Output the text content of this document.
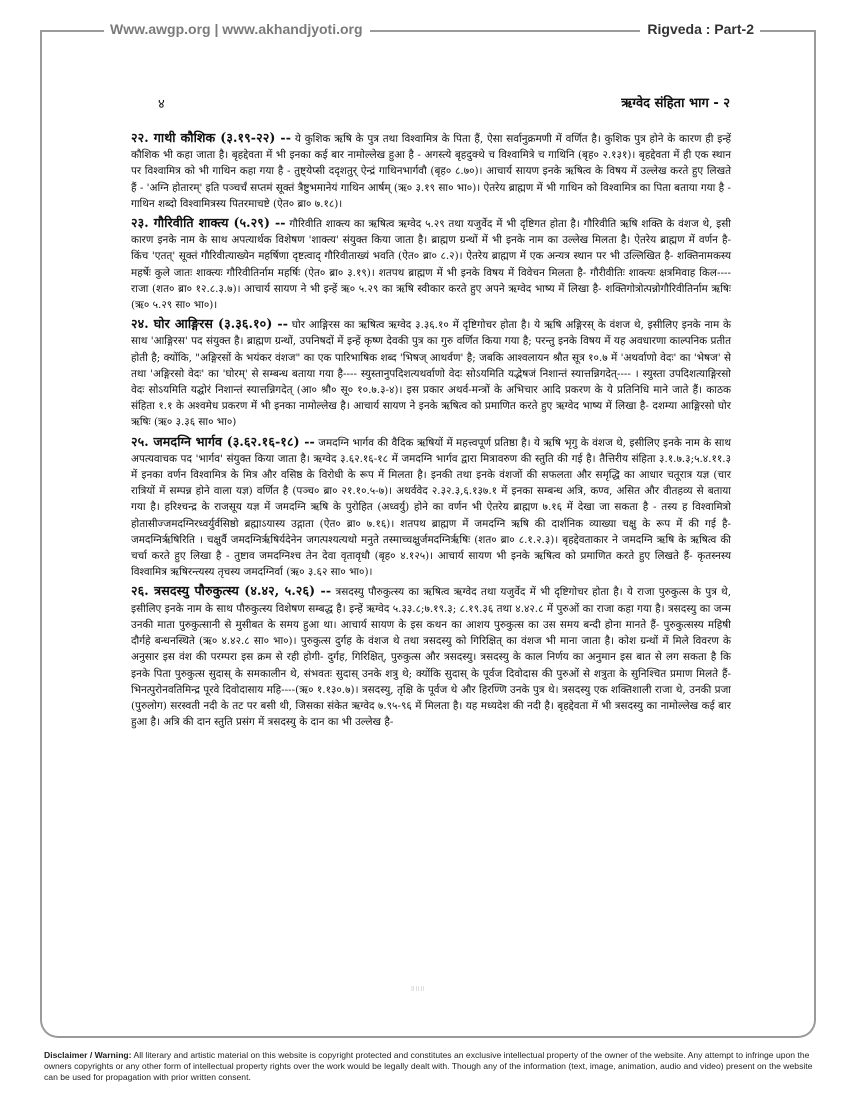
Www.awgp.org | www.akhandjyoti.org	Rigveda : Part-2
४	ऋग्वेद संहिता भाग - २

२२. गाथी कौशिक (३.१९-२२) -- ये कुशिक ऋषि के पुत्र तथा विश्वामित्र के पिता हैं, ऐसा सर्वानुक्रमणी में वर्णित है। कुशिक पुत्र होने के कारण ही इन्हें कौशिक भी कहा जाता है। बृहद्देवता में भी इनका कई बार नामोल्लेख हुआ है - अगस्त्ये बृहदुक्थे च विश्वामित्रे च गाथिनि (बृह० २.१३१)। बृहद्देवता में ही एक स्थान पर विश्वामित्र को भी गाथिन कहा गया है - तुष्ट्येप्सी ददृशतुर् ऐन्द्रं गाथिनभार्गवौ (बृह० ८.७०)। आचार्य सायण इनके ऋषित्व के विषय में उल्लेख करते हुए लिखते हैं - 'अग्नि होतारम्' इति पञ्चर्चं सप्तमं सूक्तं त्रैष्टुभमानेयं गाथिन आर्षम् (ऋ० ३.१९ सा० भा०)। ऐतरेय ब्राह्मण में भी गाथिन को विश्वामित्र का पिता बताया गया है - गाथिन शब्दो विश्वामित्रस्य पितरमाचष्टे (ऐत० ब्रा० ७.१८)।

२३. गौरिवीति शाक्त्य (५.२९) -- गौरिवीति शाक्त्य का ऋषित्व ऋग्वेद ५.२९ तथा यजुर्वेद में भी दृष्टिगत होता है। गौरिवीति ऋषि शक्ति के वंशज थे, इसी कारण इनके नाम के साथ अपत्यार्थक विशेषण 'शाक्त्य' संयुक्त किया जाता है। ब्राह्मण ग्रन्थों में भी इनके नाम का उल्लेख मिलता है। ऐतरेय ब्राह्मण में वर्णन है- किंच 'एतत्' सूक्तं गौरिवीत्याख्येन महर्षिणा दृष्टत्वाद् गौरिवीताख्यं भवति (ऐत० ब्रा० ८.२)। ऐतरेय ब्राह्मण में एक अन्यत्र स्थान पर भी उल्लिखित है- शक्तिनामकस्य महर्षेः कुले जातः शाक्त्यः गौरिवीतिर्नाम महर्षिः (ऐत० ब्रा० ३.१९)। शतपथ ब्राह्मण में भी इनके विषय में विवेचन मिलता है- गौरीवीतिः शाक्त्यः क्षत्रमिवाह किल----राजा (शत० ब्रा० १२.८.३.७)। आचार्य सायण ने भी इन्हें ऋ० ५.२९ का ऋषि स्वीकार करते हुए अपने ऋग्वेद भाष्य में लिखा है- शक्तिगोत्रोत्पन्नोगौरिवीतिर्नाम ऋषिः (ऋ० ५.२९ सा० भा०)।

२४. घोर आङ्गिरस (३.३६.१०) -- घोर आङ्गिरस का ऋषित्व ऋग्वेद ३.३६.१० में दृष्टिगोचर होता है। ये ऋषि अङ्गिरस् के वंशज थे, इसीलिए इनके नाम के साथ 'आङ्गिरस' पद संयुक्त है। ब्राह्मण ग्रन्थों, उपनिषदों में इन्हें कृष्ण देवकी पुत्र का गुरु वर्णित किया गया है; परन्तु इनके विषय में यह अवधारणा काल्पनिक प्रतीत होती है; क्योंकि, "अङ्गिरसों के भयंकर वंशज" का एक पारिभाषिक शब्द 'भिषज् आथर्वण' है; जबकि आश्वलायन श्रौत सूत्र १०.७ में 'अथर्वाणो वेदः' का 'भेषज' से तथा 'अङ्गिरसो वेदः' का 'घोरम्' से सम्बन्ध बताया गया है---- स्युस्तानुपदिशत्यथर्वाणो वेदः सोऽयमिति यद्भेषजं निशान्तं स्यात्तन्निगदेत्---- । स्युस्ता उपदिशत्याङ्गिरसो वेदः सोऽयमिति यद्घोरं निशान्तं स्यात्तन्निगदेत् (आ० श्रौ० सू० १०.७.३-४)। इस प्रकार अथर्व-मन्त्रों के अभिचार आदि प्रकरण के ये प्रतिनिधि माने जाते हैं। काठक संहिता १.१ के अश्वमेध प्रकरण में भी इनका नामोल्लेख है। आचार्य सायण ने इनके ऋषित्व को प्रमाणित करते हुए ऋग्वेद भाष्य में लिखा है- दशम्या आङ्गिरसो घोर ऋषिः (ऋ० ३.३६ सा० भा०)

२५. जमदग्नि भार्गव (३.६२.१६-१८) -- जमदग्नि भार्गव की वैदिक ऋषियों में महत्त्वपूर्ण प्रतिष्ठा है। ये ऋषि भृगु के वंशज थे, इसीलिए इनके नाम के साथ अपत्यवाचक पद 'भार्गव' संयुक्त किया जाता है। ऋग्वेद ३.६२.१६-१८ में जमदग्नि भार्गव द्वारा मित्रावरुण की स्तुति की गई है। तैत्तिरीय संहिता ३.१.७.३;५.४.११.३ में इनका वर्णन विश्वामित्र के मित्र और वसिष्ठ के विरोधी के रूप में मिलता है। इनकी तथा इनके वंशजों की सफलता और समृद्धि का आधार चतूरात्र यज्ञ (चार रात्रियों में सम्पन्न होने वाला यज्ञ) वर्णित है (पञ्च० ब्रा० २१.१०.५-७)। अथर्ववेद २.३२.३,६.१३७.१ में इनका सम्बन्ध अत्रि, कण्व, असित और वीतहव्य से बताया गया है। हरिश्चन्द्र के राजसूय यज्ञ में जमदग्नि ऋषि के पुरोहित (अध्वर्यु) होने का वर्णन भी ऐतरेय ब्राह्मण ७.१६ में देखा जा सकता है - तस्य ह विश्वामित्रो होतासीज्जमदग्निरध्वर्युर्वसिष्ठो ब्रह्माऽयास्य उद्गाता (ऐत० ब्रा० ७.१६)। शतपथ ब्राह्मण में जमदग्नि ऋषि की दार्शनिक व्याख्या चक्षु के रूप में की गई है- जमदग्निर्ऋषिरिति । चक्षुर्वै जमदग्निर्ऋषिर्यदेनेन जगत्पश्यत्यथो मनुते तस्माच्चक्षुर्जमदग्निर्ऋषिः (शत० ब्रा० ८.१.२.३)। बृहद्देवताकार ने जमदग्नि ऋषि के ऋषित्व की चर्चा करते हुए लिखा है - तुष्टाव जमदग्निश्च तेन देवा वृतावृधौ (बृह० ४.१२५)। आचार्य सायण भी इनके ऋषित्व को प्रमाणित करते हुए लिखते हैं- कृतस्नस्य विश्वामित्र ऋषिरन्त्यस्य तृचस्य जमदग्निर्वा (ऋ० ३.६२ सा० भा०)।

२६. त्रसदस्यु पौरुकुत्स्य (४.४२, ५.२६) -- त्रसदस्यु पौरुकुत्स्य का ऋषित्व ऋग्वेद तथा यजुर्वेद में भी दृष्टिगोचर होता है। ये राजा पुरुकुत्स के पुत्र थे, इसीलिए इनके नाम के साथ पौरुकुत्स्य विशेषण सम्बद्ध है। इन्हें ऋग्वेद ५.३३.८;७.१९.३; ८.१९.३६ तथा ४.४२.८ में पुरुओं का राजा कहा गया है। त्रसदस्यु का जन्म उनकी माता पुरुकुत्सानी से मुसीबत के समय हुआ था। आचार्य सायण के इस कथन का आशय पुरुकुत्स का उस समय बन्दी होना मानते हैं- पुरुकुत्सस्य महिषी दौर्गहे बन्धनस्थिते (ऋ० ४.४२.८ सा० भा०)। पुरुकुत्स दुर्गह के वंशज थे तथा त्रसदस्यु को गिरिक्षित् का वंशज भी माना जाता है। कोश ग्रन्थों में मिले विवरण के अनुसार इस वंश की परम्परा इस क्रम से रही होगी- दुर्गह, गिरिक्षित्, पुरुकुत्स और त्रसदस्यु। त्रसदस्यु के काल निर्णय का अनुमान इस बात से लग सकता है कि इनके पिता पुरुकुत्स सुदास् के समकालीन थे, संभवतः सुदास् उनके शत्रु थे; क्योंकि सुदास् के पूर्वज दिवोदास की पुरुओं से शत्रुता के सुनिश्चित प्रमाण मिलते हैं- भिनत्पुरोनवतिमिन्द्र पूरवे दिवोदासाय महि----(ऋ० १.१३०.७)। त्रसदस्यु, तृक्षि के पूर्वज थे और हिरण्णि उनके पुत्र थे। त्रसदस्यु एक शक्तिशाली राजा थे, उनकी प्रजा (पुरुलोग) सरस्वती नदी के तट पर बसी थी, जिसका संकेत ऋग्वेद ७.९५-९६ में मिलता है। यह मध्यदेश की नदी है। बृहद्देवता में भी त्रसदस्यु का नामोल्लेख कई बार हुआ है। अत्रि की दान स्तुति प्रसंग में त्रसदस्यु के दान का भी उल्लेख है-

॥॥॥
Disclaimer / Warning: All literary and artistic material on this website is copyright protected and constitutes an exclusive intellectual property of the owner of the website. Any attempt to infringe upon the owners copyrights or any other form of intellectual property rights over the work would be legally dealt with. Though any of the information (text, image, animation, audio and video) present on the website can be used for propagation with prior written consent.
